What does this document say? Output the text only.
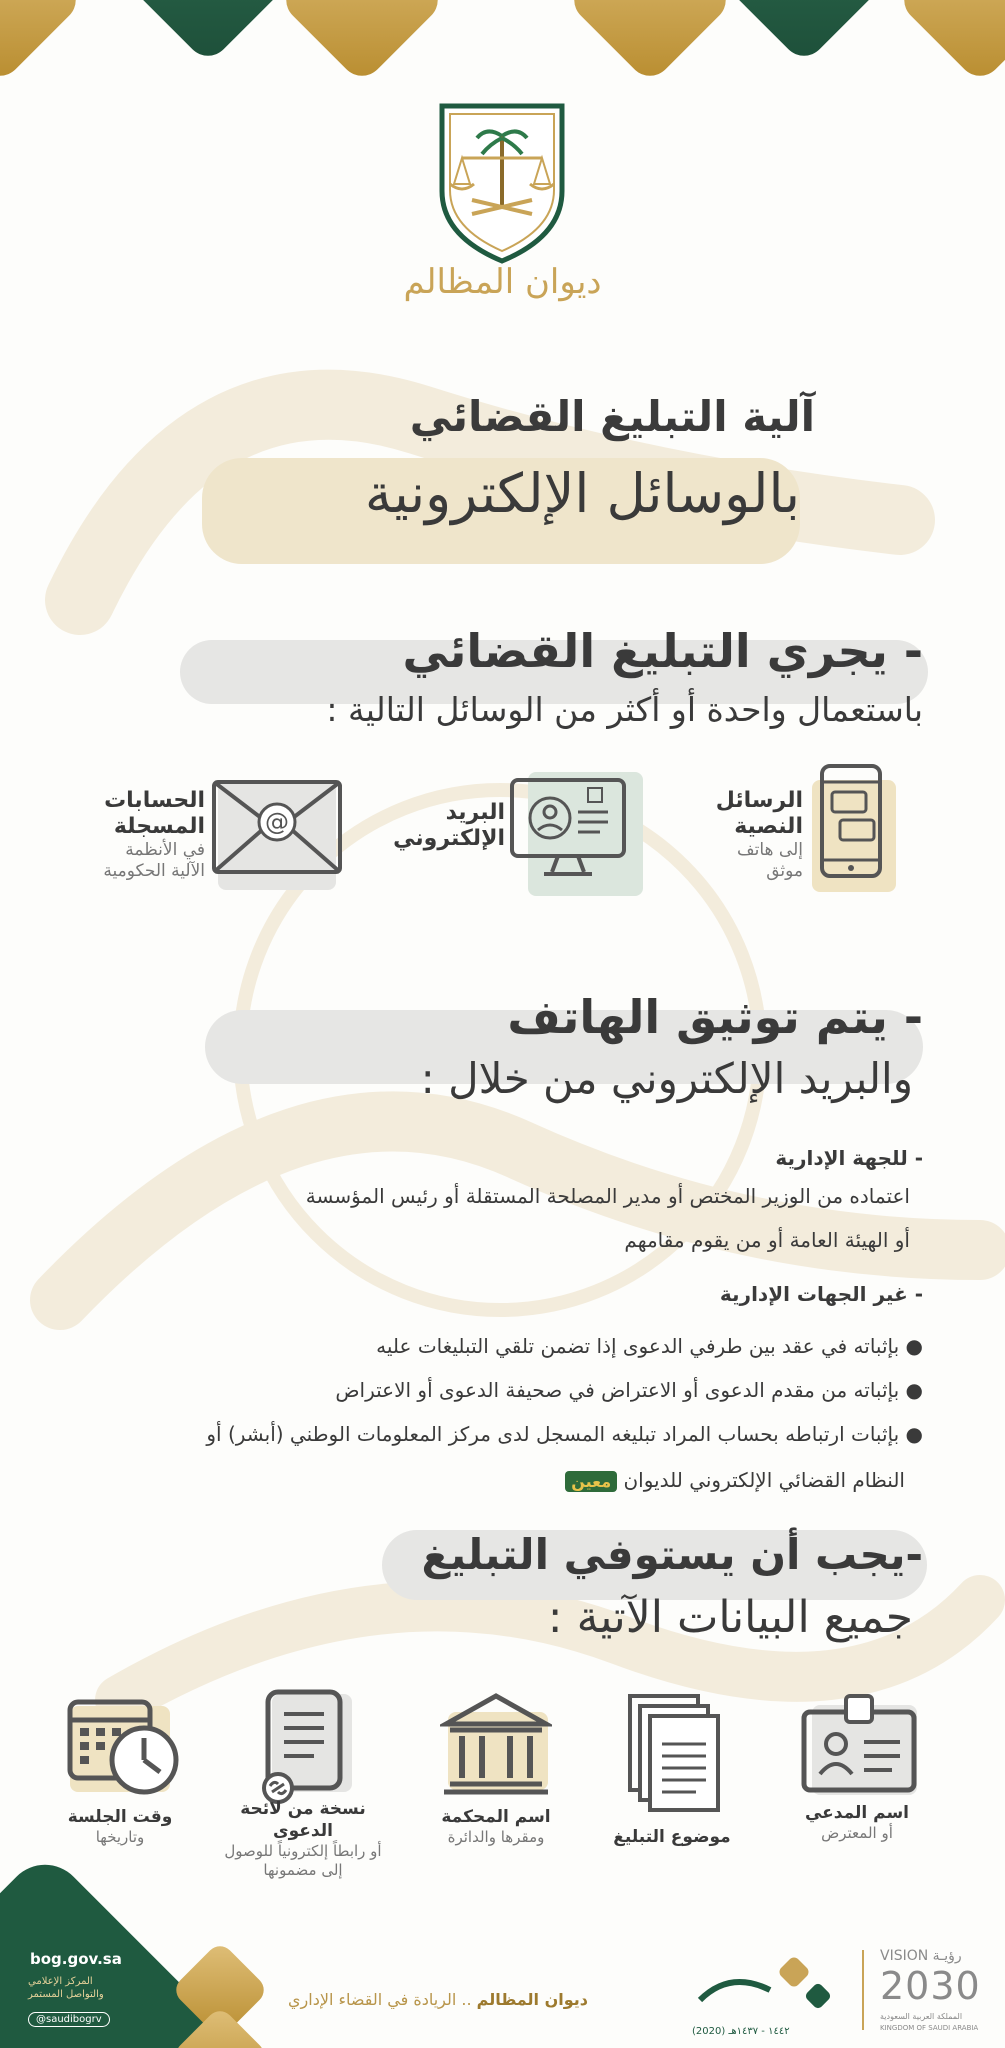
ديوان المظالم
آلية التبليغ القضائي
بالوسائل الإلكترونية
- يجري التبليغ القضائي
باستعمال واحدة أو أكثر من الوسائل التالية :
الرسائل النصية
إلى هاتف
موثق
البريد الإلكتروني
@
الحسابات المسجلة
في الأنظمة
الآلية الحكومية
- يتم توثيق الهاتف
والبريد الإلكتروني من خلال :
- للجهة الإدارية
اعتماده من الوزير المختص أو مدير المصلحة المستقلة أو رئيس المؤسسة
أو الهيئة العامة أو من يقوم مقامهم
- غير الجهات الإدارية
● بإثباته في عقد بين طرفي الدعوى إذا تضمن تلقي التبليغات عليه
● بإثباته من مقدم الدعوى أو الاعتراض في صحيفة الدعوى أو الاعتراض
● بإثبات ارتباطه بحساب المراد تبليغه المسجل لدى مركز المعلومات الوطني (أبشر) أو
النظام القضائي الإلكتروني للديوان معين
-يجب أن يستوفي التبليغ
جميع البيانات الآتية :
اسم المدعي
أو المعترض
موضوع التبليغ
اسم المحكمة
ومقرها والدائرة
نسخة من لائحة الدعوى
أو رابطاً إلكترونياً للوصول إلى مضمونها
وقت الجلسة
وتاريخها
bog.gov.sa
المركز الإعلامي
والتواصل المستمر
@saudibogrv
ديوان المظالم .. الريادة في القضاء الإداري
(2020) ١٤٤٢ - ١٤٣٧هـ
VISION رؤيـة
2030
المملكة العربية السعودية
KINGDOM OF SAUDI ARABIA
